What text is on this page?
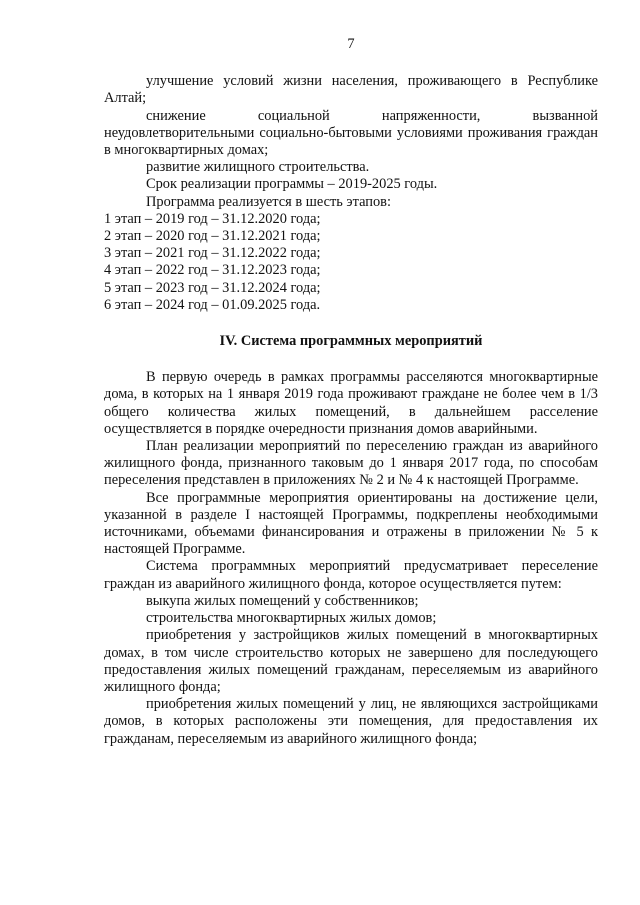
7

улучшение условий жизни населения, проживающего в Республике Алтай;

снижение социальной напряженности, вызванной неудовлетворительными социально-бытовыми условиями проживания граждан в многоквартирных домах;

развитие жилищного строительства.

Срок реализации программы – 2019-2025 годы.

Программа реализуется в шесть этапов:

1 этап – 2019 год – 31.12.2020 года;

2 этап – 2020 год – 31.12.2021 года;

3 этап – 2021 год – 31.12.2022 года;

4 этап – 2022 год – 31.12.2023 года;

5 этап – 2023 год – 31.12.2024 года;

6 этап – 2024 год – 01.09.2025 года.

IV. Система программных мероприятий

В первую очередь в рамках программы расселяются многоквартирные дома, в которых на 1 января 2019 года проживают граждане не более чем в 1/3 общего количества жилых помещений, в дальнейшем расселение осуществляется в порядке очередности признания домов аварийными.

План реализации мероприятий по переселению граждан из аварийного жилищного фонда, признанного таковым до 1 января 2017 года, по способам переселения представлен в приложениях № 2 и № 4 к настоящей Программе.

Все программные мероприятия ориентированы на достижение цели, указанной в разделе I настоящей Программы, подкреплены необходимыми источниками, объемами финансирования и отражены в приложении № 5 к настоящей Программе.

Система программных мероприятий предусматривает переселение граждан из аварийного жилищного фонда, которое осуществляется путем:

выкупа жилых помещений у собственников;

строительства многоквартирных жилых домов;

приобретения у застройщиков жилых помещений в многоквартирных домах, в том числе строительство которых не завершено для последующего предоставления жилых помещений гражданам, переселяемым из аварийного жилищного фонда;

приобретения жилых помещений у лиц, не являющихся застройщиками домов, в которых расположены эти помещения, для предоставления их гражданам, переселяемым из аварийного жилищного фонда;
